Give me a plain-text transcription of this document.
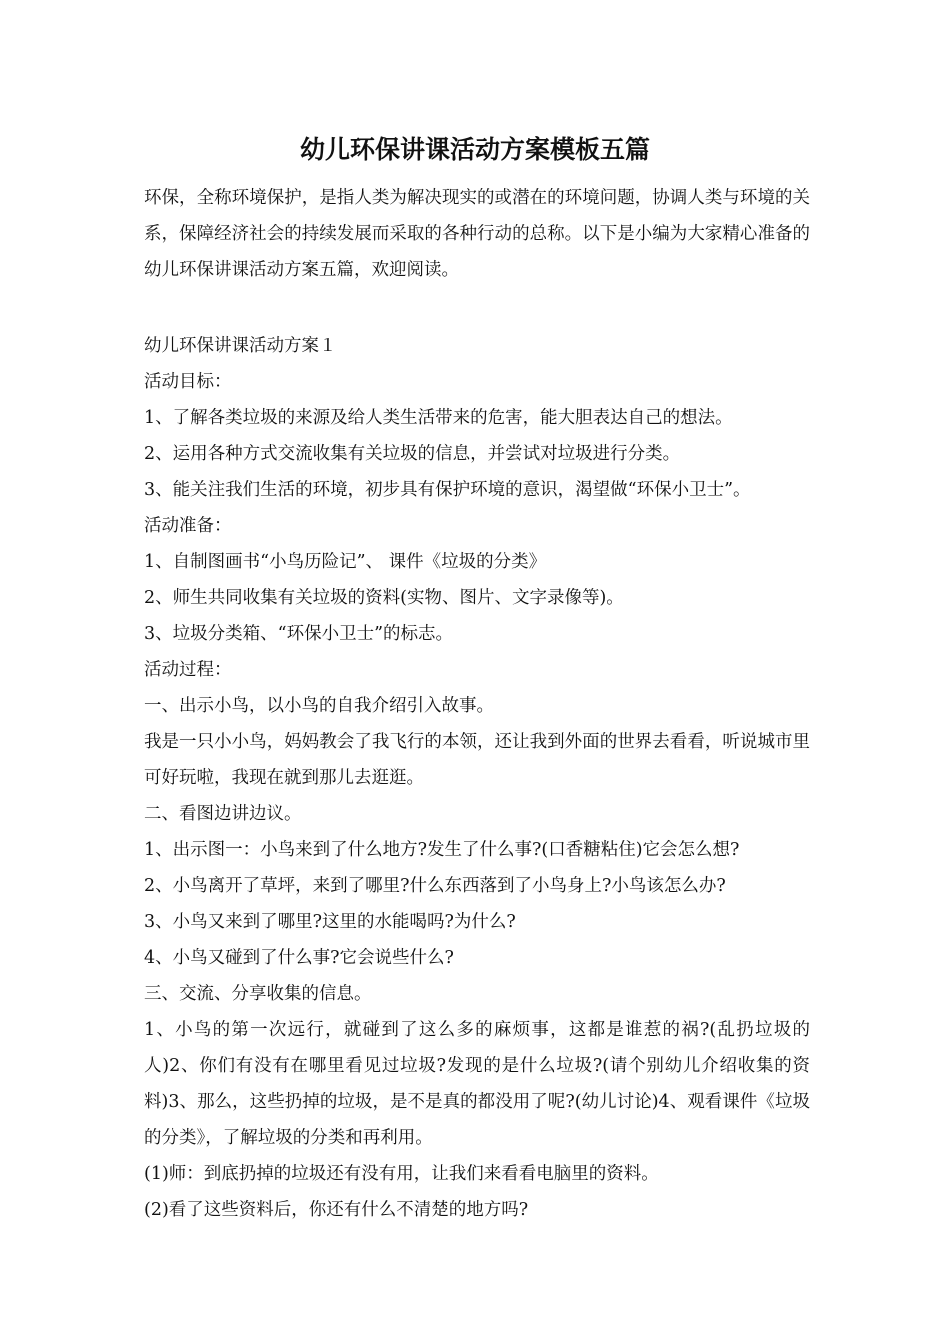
幼儿环保讲课活动方案模板五篇

环保，全称环境保护，是指人类为解决现实的或潜在的环境问题，协调人类与环境的关系，保障经济社会的持续发展而采取的各种行动的总称。以下是小编为大家精心准备的幼儿环保讲课活动方案五篇，欢迎阅读。

幼儿环保讲课活动方案１

活动目标：

1、了解各类垃圾的来源及给人类生活带来的危害，能大胆表达自己的想法。

2、运用各种方式交流收集有关垃圾的信息，并尝试对垃圾进行分类。

3、能关注我们生活的环境，初步具有保护环境的意识，渴望做“环保小卫士”。

活动准备：

1、自制图画书“小鸟历险记”、 课件《垃圾的分类》

2、师生共同收集有关垃圾的资料(实物、图片、文字录像等)。

3、垃圾分类箱、“环保小卫士”的标志。

活动过程：

一、出示小鸟，以小鸟的自我介绍引入故事。

我是一只小小鸟，妈妈教会了我飞行的本领，还让我到外面的世界去看看，听说城市里可好玩啦，我现在就到那儿去逛逛。

二、看图边讲边议。

1、出示图一：小鸟来到了什么地方?发生了什么事?(口香糖粘住)它会怎么想?

2、小鸟离开了草坪，来到了哪里?什么东西落到了小鸟身上?小鸟该怎么办?

3、小鸟又来到了哪里?这里的水能喝吗?为什么?

4、小鸟又碰到了什么事?它会说些什么?

三、交流、分享收集的信息。

1、小鸟的第一次远行，就碰到了这么多的麻烦事，这都是谁惹的祸?(乱扔垃圾的人)2、你们有没有在哪里看见过垃圾?发现的是什么垃圾?(请个别幼儿介绍收集的资料)3、那么，这些扔掉的垃圾，是不是真的都没用了呢?(幼儿讨论)4、观看课件《垃圾的分类》，了解垃圾的分类和再利用。

(1)师：到底扔掉的垃圾还有没有用，让我们来看看电脑里的资料。

(2)看了这些资料后，你还有什么不清楚的地方吗?
